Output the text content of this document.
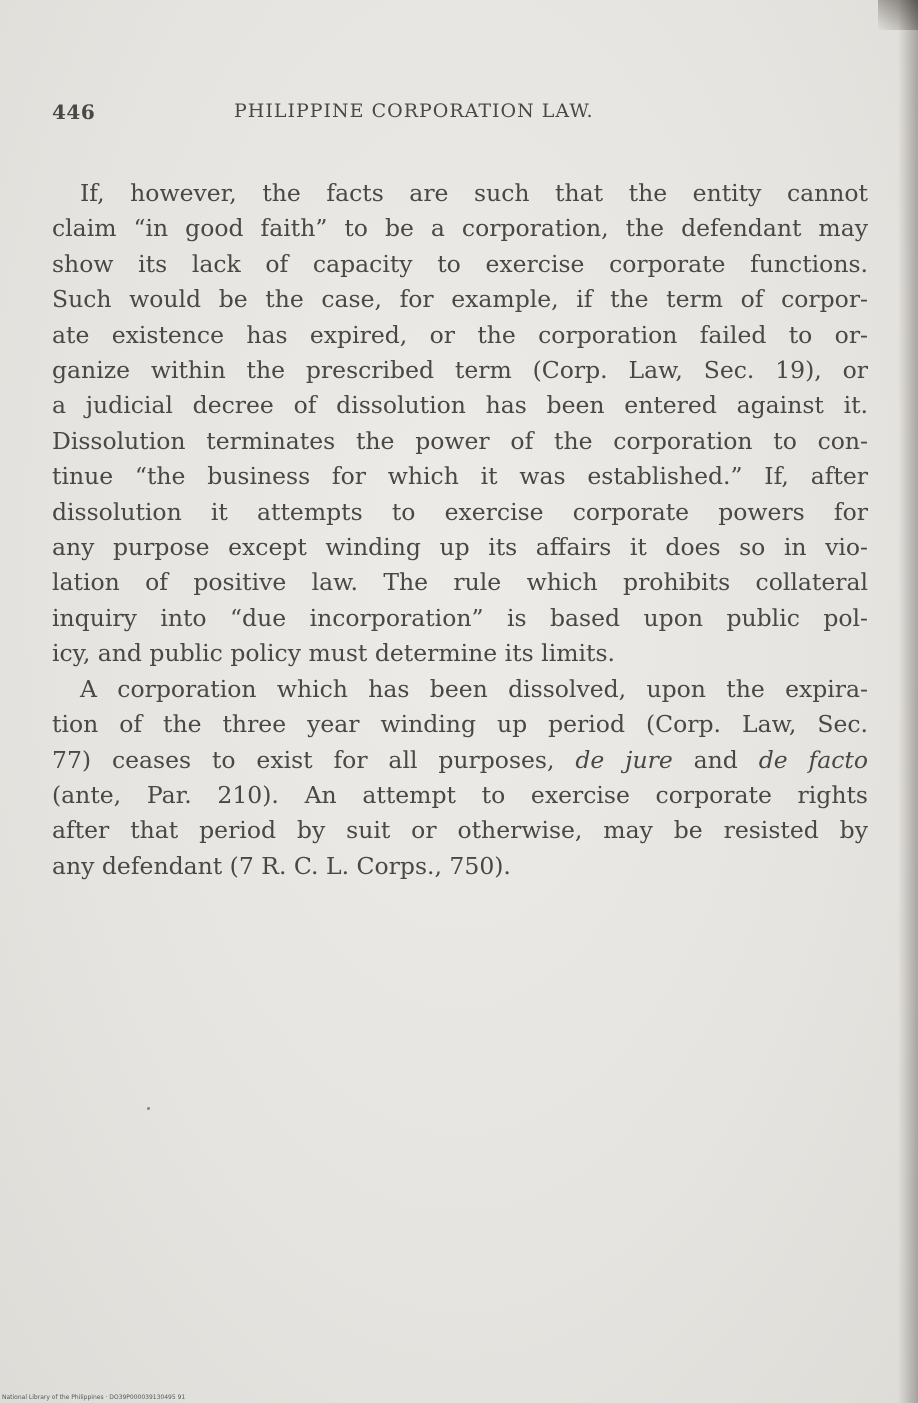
446	PHILIPPINE CORPORATION LAW.
If, however, the facts are such that the entity cannot
claim “in good faith” to be a corporation, the defendant may
show its lack of capacity to exercise corporate functions.
Such would be the case, for example, if the term of corpor-
ate existence has expired, or the corporation failed to or-
ganize within the prescribed term (Corp. Law, Sec. 19), or
a judicial decree of dissolution has been entered against it.
Dissolution terminates the power of the corporation to con-
tinue “the business for which it was established.” If, after
dissolution it attempts to exercise corporate powers for
any purpose except winding up its affairs it does so in vio-
lation of positive law. The rule which prohibits collateral
inquiry into “due incorporation” is based upon public pol-
icy, and public policy must determine its limits.
A corporation which has been dissolved, upon the expira-
tion of the three year winding up period (Corp. Law, Sec.
77) ceases to exist for all purposes, de jure and de facto
(ante, Par. 210). An attempt to exercise corporate rights
after that period by suit or otherwise, may be resisted by
any defendant (7 R. C. L. Corps., 750).
National Library of the Philippines · DO39P000039130495 91
